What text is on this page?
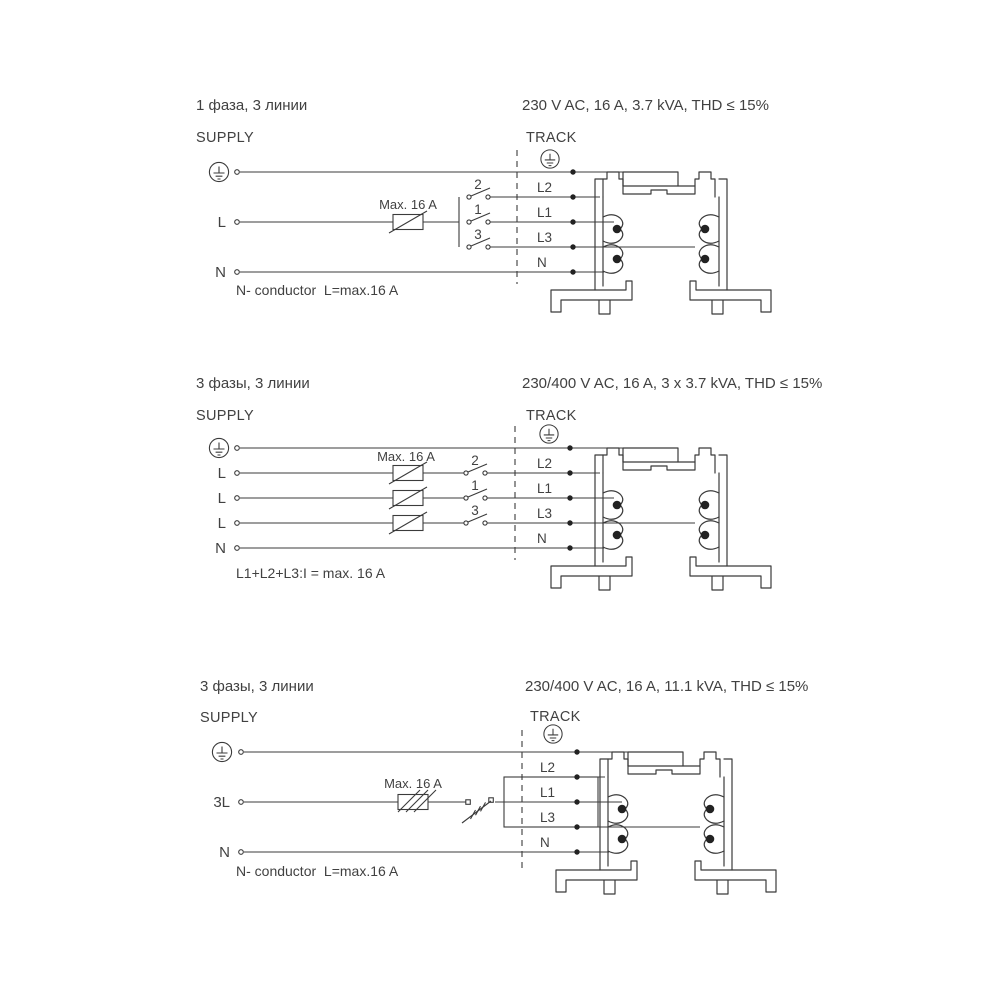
1 фаза, 3 линии	230 V AC, 16 A, 3.7 kVA, THD ≤ 15%
SUPPLY	TRACK
Max. 16 A
2
1
3
L
N
L2
L1
L3
N
N- conductor  L=max.16 A
3 фазы, 3 линии	230/400 V AC, 16 A, 3 x 3.7 kVA, THD ≤ 15%
SUPPLY	TRACK
Max. 16 A	2
1
3
L
L
L
N
L2
L1
L3
N
L1+L2+L3:I = max. 16 A
3 фазы, 3 линии	230/400 V AC, 16 A, 11.1 kVA, THD ≤ 15%
SUPPLY	TRACK
Max. 16 A
3L
N
L2
L1
L3
N
N- conductor  L=max.16 A
